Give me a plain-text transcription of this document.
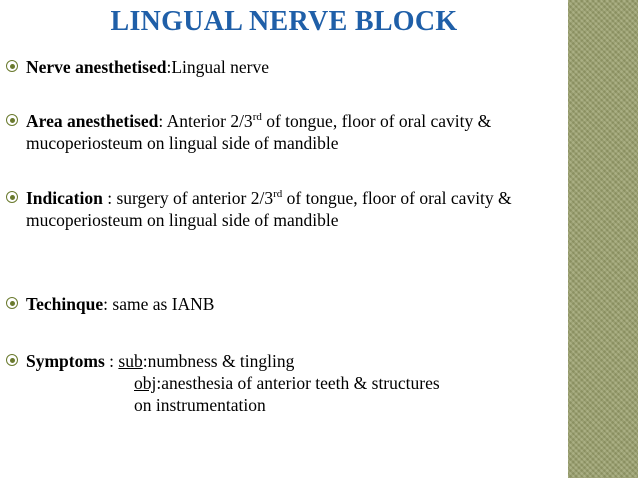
LINGUAL NERVE BLOCK
Nerve anesthetised:Lingual nerve
Area anesthetised: Anterior 2/3rd of tongue, floor of oral cavity & mucoperiosteum on lingual side of mandible
Indication : surgery of anterior 2/3rd of tongue, floor of oral cavity & mucoperiosteum on lingual side of mandible
Techinque: same as IANB
Symptoms : sub:numbness & tingling
obj:anesthesia of anterior teeth & structures
on instrumentation
